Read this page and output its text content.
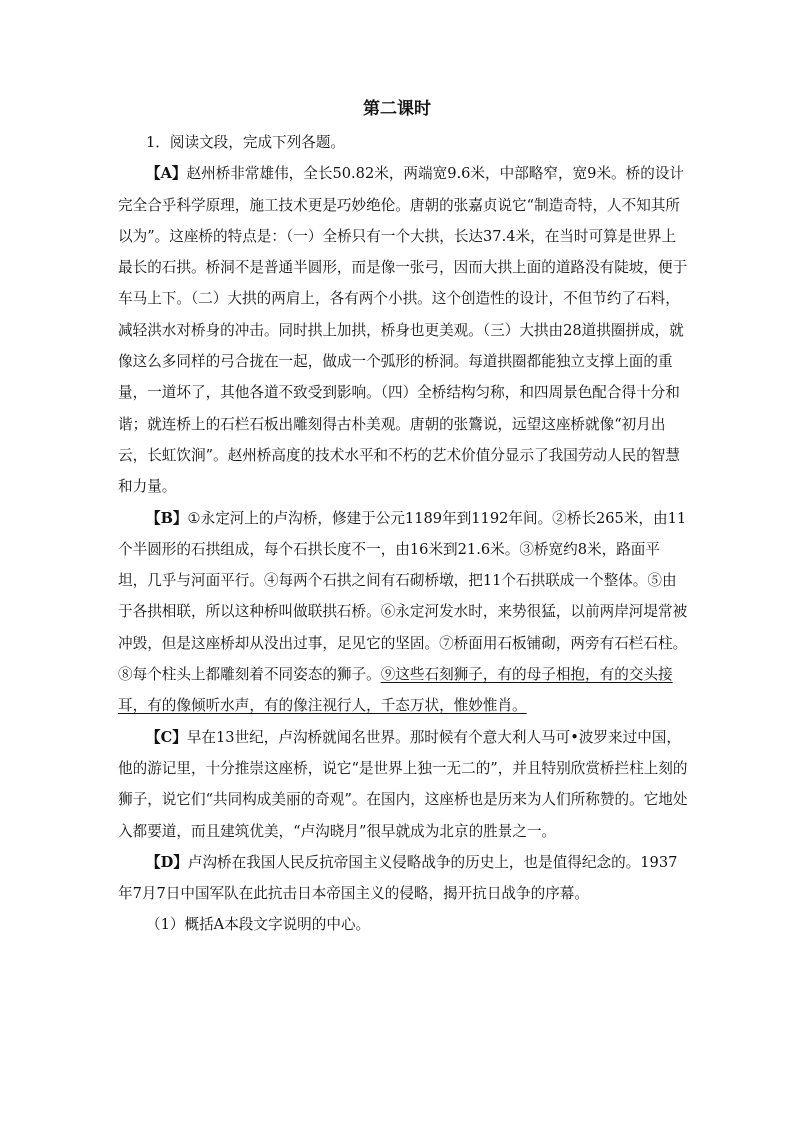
第二课时

1．阅读文段，完成下列各题。

【A】赵州桥非常雄伟，全长50.82米，两端宽9.6米，中部略窄，宽9米。桥的设计完全合乎科学原理，施工技术更是巧妙绝伦。唐朝的张嘉贞说它“制造奇特，人不知其所以为”。这座桥的特点是：（一）全桥只有一个大拱，长达37.4米，在当时可算是世界上最长的石拱。桥洞不是普通半圆形，而是像一张弓，因而大拱上面的道路没有陡坡，便于车马上下。（二）大拱的两肩上，各有两个小拱。这个创造性的设计，不但节约了石料，减轻洪水对桥身的冲击。同时拱上加拱，桥身也更美观。（三）大拱由28道拱圈拼成，就像这么多同样的弓合拢在一起，做成一个弧形的桥洞。每道拱圈都能独立支撑上面的重量，一道坏了，其他各道不致受到影响。（四）全桥结构匀称，和四周景色配合得十分和谐；就连桥上的石栏石板出雕刻得古朴美观。唐朝的张鷟说，远望这座桥就像“初月出云，长虹饮涧”。赵州桥高度的技术水平和不朽的艺术价值分显示了我国劳动人民的智慧和力量。

【B】①永定河上的卢沟桥，修建于公元1189年到1192年间。②桥长265米，由11个半圆形的石拱组成，每个石拱长度不一，由16米到21.6米。③桥宽约8米，路面平坦，几乎与河面平行。④每两个石拱之间有石砌桥墩，把11个石拱联成一个整体。⑤由于各拱相联，所以这种桥叫做联拱石桥。⑥永定河发水时，来势很猛，以前两岸河堤常被冲毁，但是这座桥却从没出过事，足见它的坚固。⑦桥面用石板铺砌，两旁有石栏石柱。⑧每个柱头上都雕刻着不同姿态的狮子。⑨这些石刻狮子，有的母子相抱，有的交头接耳，有的像倾听水声，有的像注视行人，千态万状，惟妙惟肖。

【C】早在13世纪，卢沟桥就闻名世界。那时候有个意大利人马可•波罗来过中国，他的游记里，十分推崇这座桥，说它“是世界上独一无二的”，并且特别欣赏桥拦柱上刻的狮子，说它们“共同构成美丽的奇观”。在国内，这座桥也是历来为人们所称赞的。它地处入都要道，而且建筑优美，“卢沟晓月”很早就成为北京的胜景之一。

【D】卢沟桥在我国人民反抗帝国主义侵略战争的历史上，也是值得纪念的。1937年7月7日中国军队在此抗击日本帝国主义的侵略，揭开抗日战争的序幕。

（1）概括A本段文字说明的中心。
